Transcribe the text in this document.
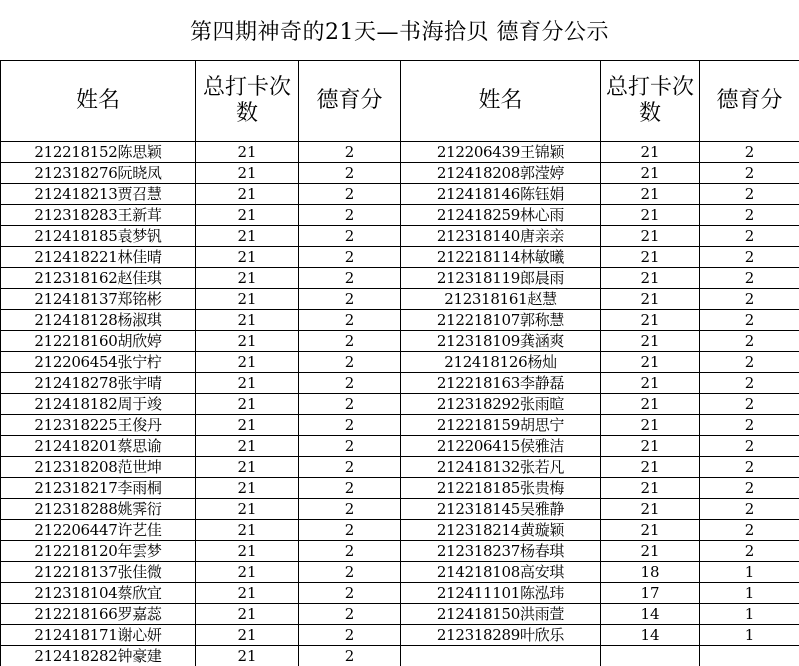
第四期神奇的21天—书海拾贝 德育分公示
姓名	总打卡次数	德育分	姓名	总打卡次数	德育分
212218152陈思颖	21	2	212206439王锦颖	21	2
212318276阮晓凤	21	2	212418208郭滢婷	21	2
212418213贾召慧	21	2	212418146陈钰娟	21	2
212318283王新茸	21	2	212418259林心雨	21	2
212418185袁梦钒	21	2	212318140唐亲亲	21	2
212418221林佳晴	21	2	212218114林敏曦	21	2
212318162赵佳琪	21	2	212318119郎晨雨	21	2
212418137郑铭彬	21	2	212318161赵慧	21	2
212418128杨淑琪	21	2	212218107郭称慧	21	2
212218160胡欣婷	21	2	212318109龚涵爽	21	2
212206454张宁柠	21	2	212418126杨灿	21	2
212418278张宇晴	21	2	212218163李静磊	21	2
212418182周于竣	21	2	212318292张雨暄	21	2
212318225王俊丹	21	2	212218159胡思宁	21	2
212418201蔡思谕	21	2	212206415侯雅洁	21	2
212318208范世坤	21	2	212418132张若凡	21	2
212318217李雨桐	21	2	212218185张贵梅	21	2
212318288姚霁衍	21	2	212318145吴雅静	21	2
212206447许艺佳	21	2	212318214黄璇颖	21	2
212218120年雲梦	21	2	212318237杨春琪	21	2
212218137张佳微	21	2	214218108高安琪	18	1
212318104蔡欣宜	21	2	212411101陈泓玮	17	1
212218166罗嘉蕊	21	2	212418150洪雨萱	14	1
212418171谢心妍	21	2	212318289叶欣乐	14	1
212418282钟豪建	21	2			
